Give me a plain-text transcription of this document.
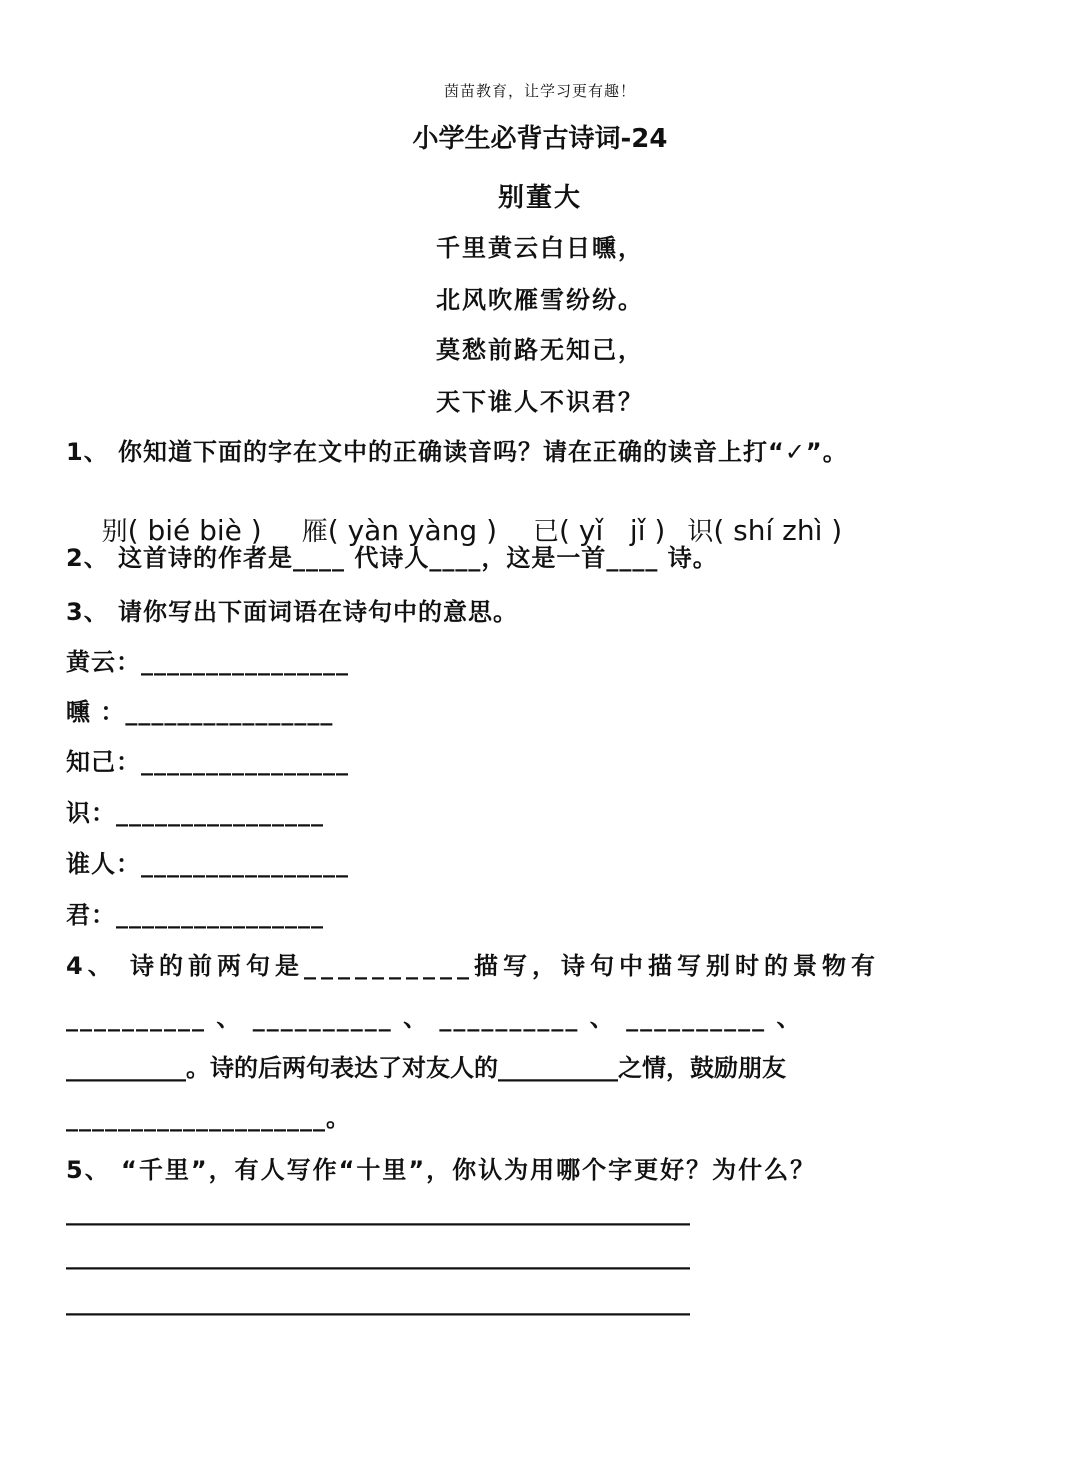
茵苗教育，让学习更有趣！
小学生必背古诗词-24
别董大
千里黄云白日曛，
北风吹雁雪纷纷。
莫愁前路无知己，
天下谁人不识君？
1、 你知道下面的字在文中的正确读音吗？请在正确的读音上打“✓”。

别( bié biè ) 雁( yàn yàng ) 已( yǐ   jǐ ) 识( shí zhì )

2、 这首诗的作者是____ 代诗人____，这是一首____ 诗。
3、 请你写出下面词语在诗句中的意思。
黄云：________________
曛 ：________________
知己：________________
识：________________
谁人：________________
君：________________
4、 诗的前两句是__________描写，诗句中描写别时的景物有
__________ 、 __________ 、 __________ 、 __________ 、
__________。诗的后两句表达了对友人的__________之情，鼓励朋友
____________________。
5、 “千里”，有人写作“十里”，你认为用哪个字更好？为什么？
____________________________________________________
____________________________________________________
____________________________________________________
